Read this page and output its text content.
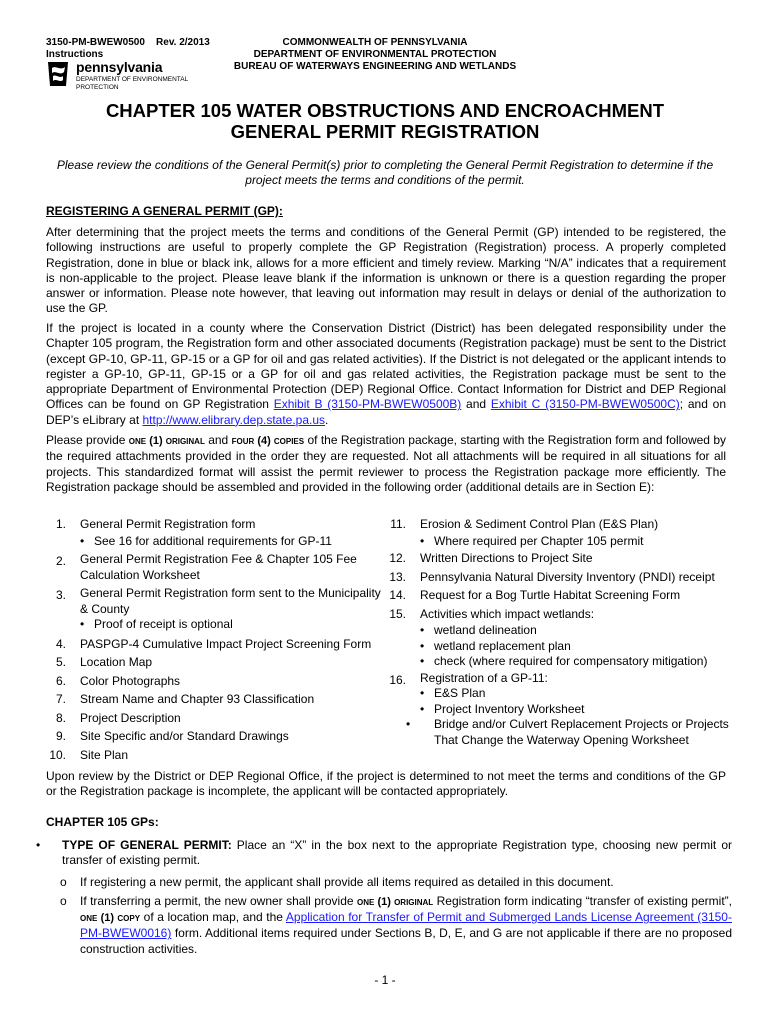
3150-PM-BWEW0500 Rev. 2/2013
Instructions
COMMONWEALTH OF PENNSYLVANIA
DEPARTMENT OF ENVIRONMENTAL PROTECTION
BUREAU OF WATERWAYS ENGINEERING AND WETLANDS
pennsylvania
DEPARTMENT OF ENVIRONMENTAL
PROTECTION
CHAPTER 105 WATER OBSTRUCTIONS AND ENCROACHMENT
GENERAL PERMIT REGISTRATION
Please review the conditions of the General Permit(s) prior to completing the General Permit Registration to determine if the project meets the terms and conditions of the permit.
REGISTERING A GENERAL PERMIT (GP):
After determining that the project meets the terms and conditions of the General Permit (GP) intended to be registered, the following instructions are useful to properly complete the GP Registration (Registration) process. A properly completed Registration, done in blue or black ink, allows for a more efficient and timely review. Marking “N/A” indicates that a requirement is non-applicable to the project. Please leave blank if the information is unknown or there is a question regarding the proper answer or information. Please note however, that leaving out information may result in delays or denial of the authorization to use the GP.
If the project is located in a county where the Conservation District (District) has been delegated responsibility under the Chapter 105 program, the Registration form and other associated documents (Registration package) must be sent to the District (except GP-10, GP-11, GP-15 or a GP for oil and gas related activities). If the District is not delegated or the applicant intends to register a GP-10, GP-11, GP-15 or a GP for oil and gas related activities, the Registration package must be sent to the appropriate Department of Environmental Protection (DEP) Regional Office. Contact Information for District and DEP Regional Offices can be found on GP Registration Exhibit B (3150-PM-BWEW0500B) and Exhibit C (3150-PM-BWEW0500C); and on DEP’s eLibrary at http://www.elibrary.dep.state.pa.us.
Please provide one (1) original and four (4) copies of the Registration package, starting with the Registration form and followed by the required attachments provided in the order they are requested. Not all attachments will be required in all situations for all projects. This standardized format will assist the permit reviewer to process the Registration package more efficiently. The Registration package should be assembled and provided in the following order (additional details are in Section E):
1. General Permit Registration form
• See 16 for additional requirements for GP-11
2. General Permit Registration Fee & Chapter 105 Fee Calculation Worksheet
3. General Permit Registration form sent to the Municipality & County
• Proof of receipt is optional
4. PASPGP-4 Cumulative Impact Project Screening Form
5. Location Map
6. Color Photographs
7. Stream Name and Chapter 93 Classification
8. Project Description
9. Site Specific and/or Standard Drawings
10. Site Plan
11. Erosion & Sediment Control Plan (E&S Plan)
• Where required per Chapter 105 permit
12. Written Directions to Project Site
13. Pennsylvania Natural Diversity Inventory (PNDI) receipt
14. Request for a Bog Turtle Habitat Screening Form
15. Activities which impact wetlands:
• wetland delineation
• wetland replacement plan
• check (where required for compensatory mitigation)
16. Registration of a GP-11:
• E&S Plan
• Project Inventory Worksheet
• Bridge and/or Culvert Replacement Projects or Projects That Change the Waterway Opening Worksheet
Upon review by the District or DEP Regional Office, if the project is determined to not meet the terms and conditions of the GP or the Registration package is incomplete, the applicant will be contacted appropriately.
CHAPTER 105 GPs:
• TYPE OF GENERAL PERMIT: Place an “X” in the box next to the appropriate Registration type, choosing new permit or transfer of existing permit.
o If registering a new permit, the applicant shall provide all items required as detailed in this document.
o If transferring a permit, the new owner shall provide one (1) original Registration form indicating “transfer of existing permit”, one (1) copy of a location map, and the Application for Transfer of Permit and Submerged Lands License Agreement (3150-PM-BWEW0016) form. Additional items required under Sections B, D, E, and G are not applicable if there are no proposed construction activities.
- 1 -
